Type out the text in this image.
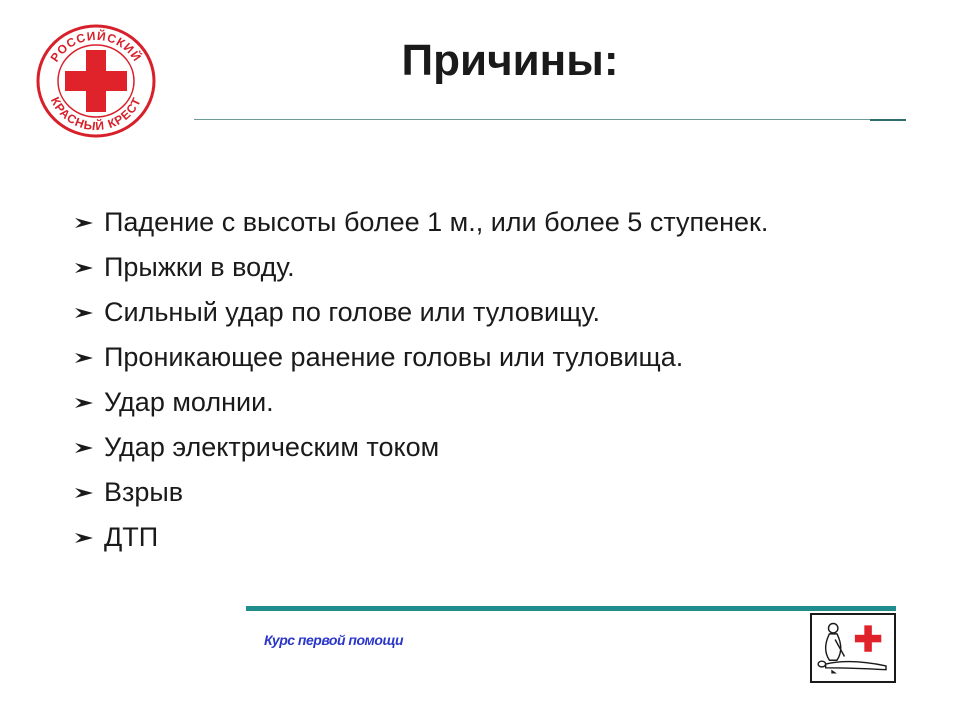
РОССИЙСКИЙ
КРАСНЫЙ КРЕСТ
Причины:
Падение с высоты более 1 м., или более 5 ступенек.
Прыжки в воду.
Сильный удар по голове или туловищу.
Проникающее ранение головы или туловища.
Удар молнии.
Удар электрическим током
Взрыв
ДТП
Курс первой помощи
